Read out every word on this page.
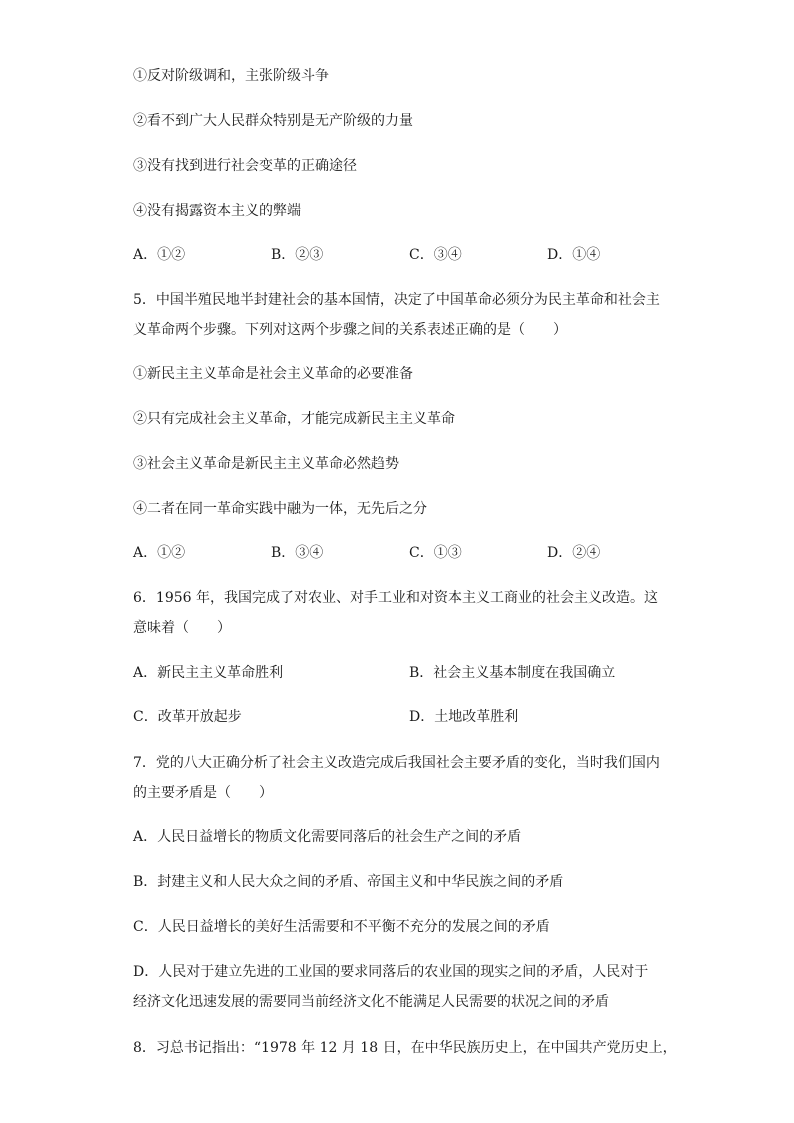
①反对阶级调和，主张阶级斗争
②看不到广大人民群众特别是无产阶级的力量
③没有找到进行社会变革的正确途径
④没有揭露资本主义的弊端
A．①②	B．②③	C．③④	D．①④
5．中国半殖民地半封建社会的基本国情，决定了中国革命必须分为民主革命和社会主
义革命两个步骤。下列对这两个步骤之间的关系表述正确的是（　　）
①新民主主义革命是社会主义革命的必要准备
②只有完成社会主义革命，才能完成新民主主义革命
③社会主义革命是新民主主义革命必然趋势
④二者在同一革命实践中融为一体，无先后之分
A．①②	B．③④	C．①③	D．②④
6．1956 年，我国完成了对农业、对手工业和对资本主义工商业的社会主义改造。这
意味着（　　）
A．新民主主义革命胜利	B．社会主义基本制度在我国确立
C．改革开放起步	D．土地改革胜利
7．党的八大正确分析了社会主义改造完成后我国社会主要矛盾的变化，当时我们国内
的主要矛盾是（　　）
A．人民日益增长的物质文化需要同落后的社会生产之间的矛盾
B．封建主义和人民大众之间的矛盾、帝国主义和中华民族之间的矛盾
C．人民日益增长的美好生活需要和不平衡不充分的发展之间的矛盾
D．人民对于建立先进的工业国的要求同落后的农业国的现实之间的矛盾，人民对于
经济文化迅速发展的需要同当前经济文化不能满足人民需要的状况之间的矛盾
8．习总书记指出：“1978 年 12 月 18 日，在中华民族历史上，在中国共产党历史上，
